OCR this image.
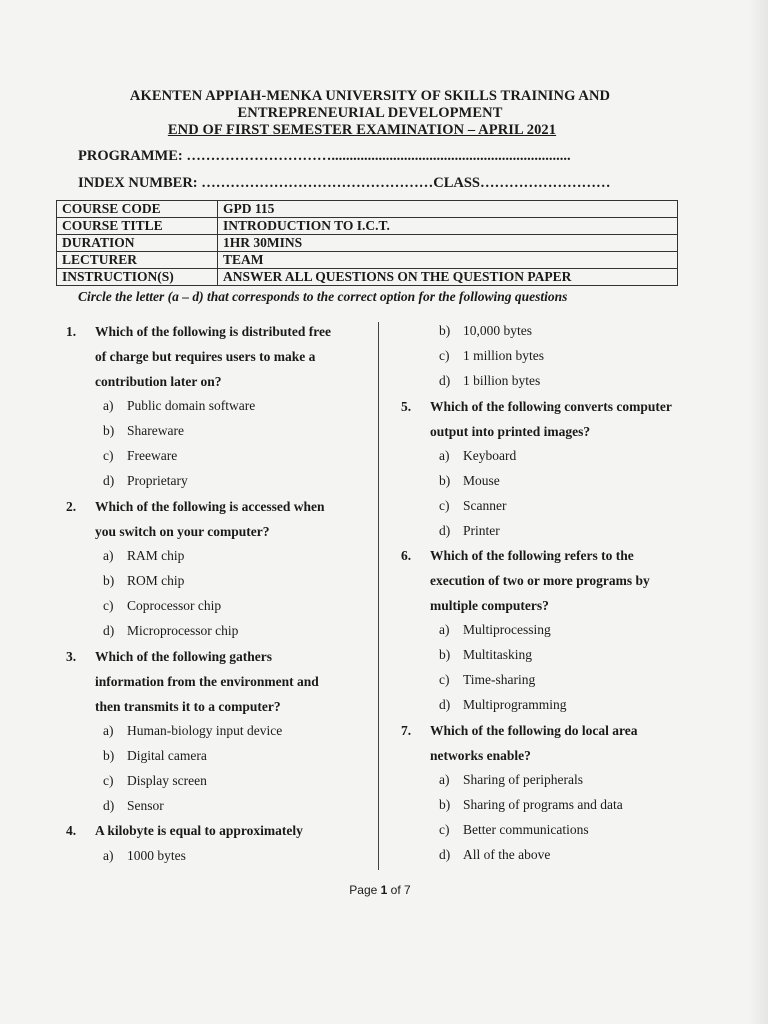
AKENTEN APPIAH-MENKA UNIVERSITY OF SKILLS TRAINING AND
ENTREPRENEURIAL DEVELOPMENT
END OF FIRST SEMESTER EXAMINATION – APRIL 2021
PROGRAMME: …………………………..................................................................
INDEX NUMBER: …………………………………………CLASS………………………
COURSE CODE	GPD 115
COURSE TITLE	INTRODUCTION TO I.C.T.
DURATION	1HR 30MINS
LECTURER	TEAM
INSTRUCTION(S)	ANSWER ALL QUESTIONS ON THE QUESTION PAPER
Circle the letter (a – d) that corresponds to the correct option for the following questions
1. Which of the following is distributed free
of charge but requires users to make a
contribution later on?
a) Public domain software
b) Shareware
c) Freeware
d) Proprietary
2. Which of the following is accessed when
you switch on your computer?
a) RAM chip
b) ROM chip
c) Coprocessor chip
d) Microprocessor chip
3. Which of the following gathers
information from the environment and
then transmits it to a computer?
a) Human-biology input device
b) Digital camera
c) Display screen
d) Sensor
4. A kilobyte is equal to approximately
a) 1000 bytes
b) 10,000 bytes
c) 1 million bytes
d) 1 billion bytes
5. Which of the following converts computer
output into printed images?
a) Keyboard
b) Mouse
c) Scanner
d) Printer
6. Which of the following refers to the
execution of two or more programs by
multiple computers?
a) Multiprocessing
b) Multitasking
c) Time-sharing
d) Multiprogramming
7. Which of the following do local area
networks enable?
a) Sharing of peripherals
b) Sharing of programs and data
c) Better communications
d) All of the above
Page 1 of 7
